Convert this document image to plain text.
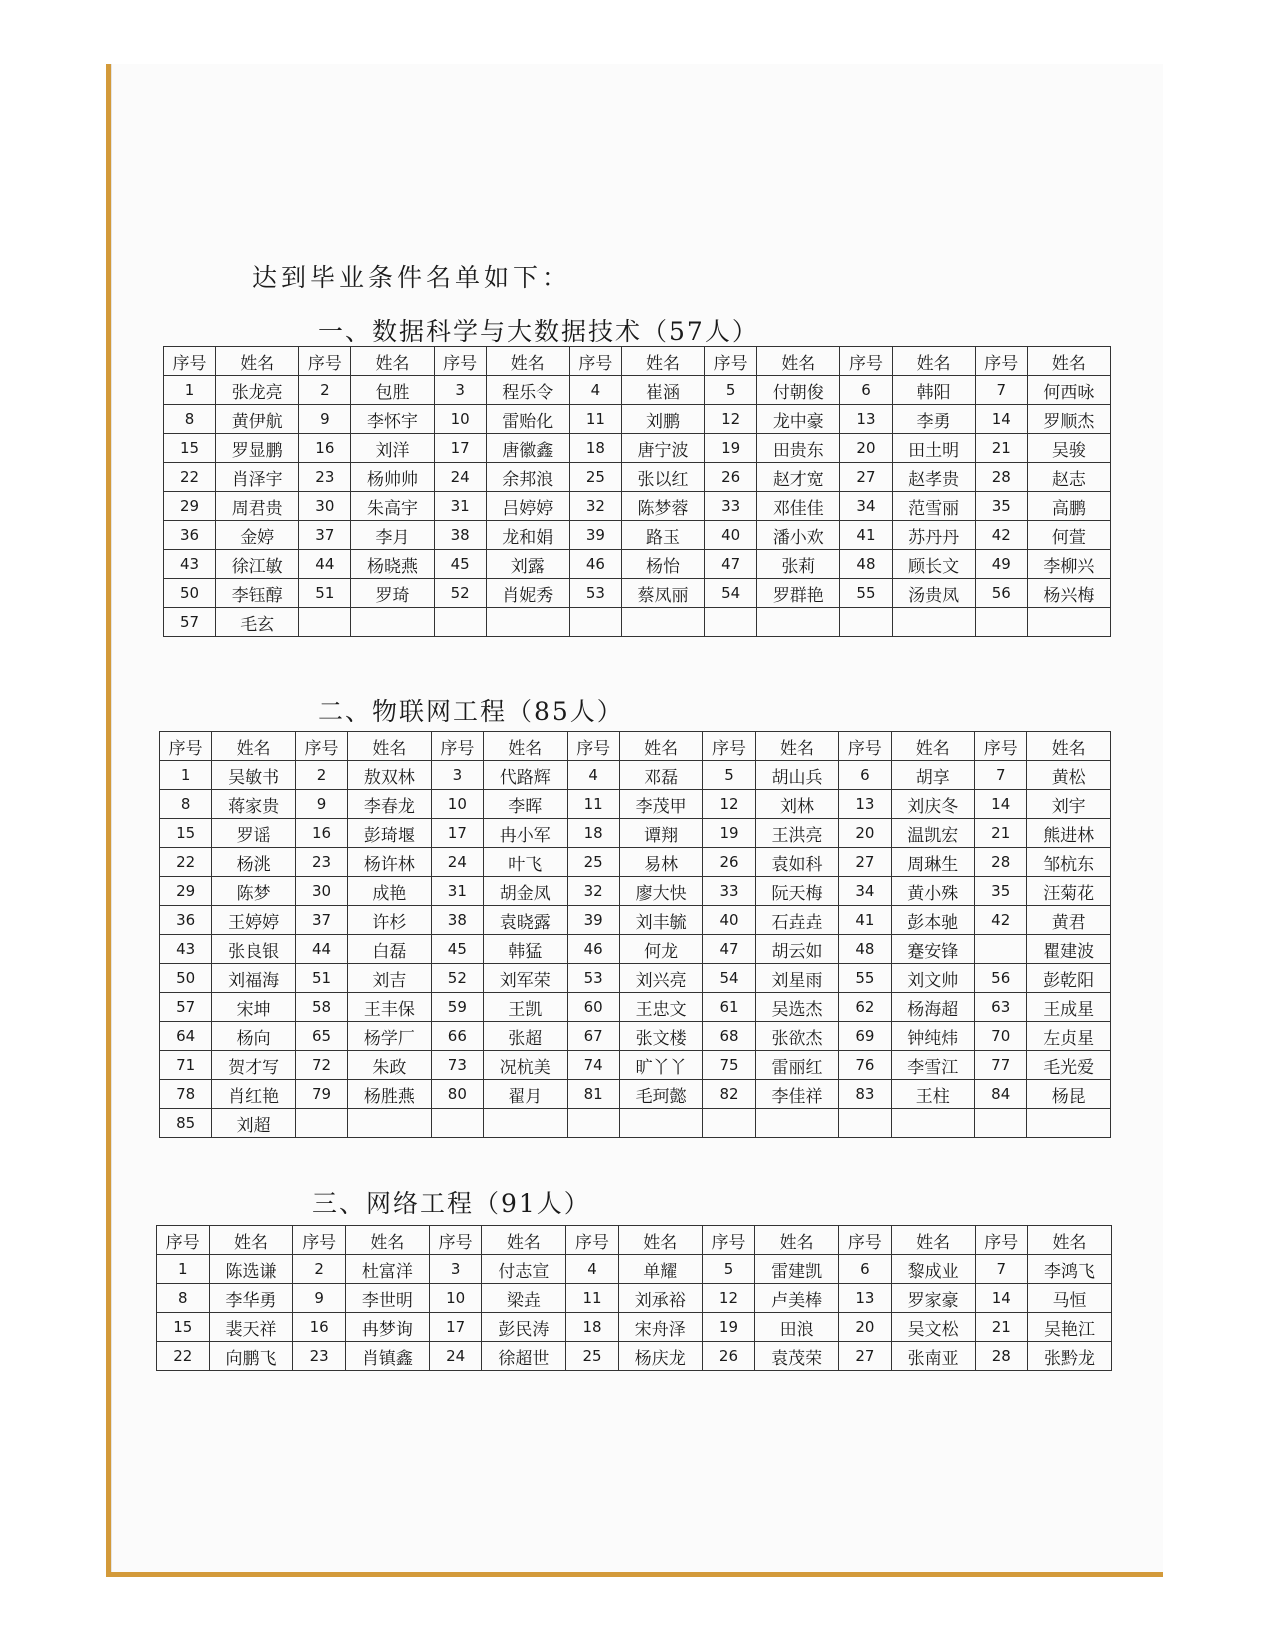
达到毕业条件名单如下：
一、数据科学与大数据技术（57人）
序号	姓名	序号	姓名	序号	姓名	序号	姓名	序号	姓名	序号	姓名	序号	姓名
1	张龙亮	2	包胜	3	程乐令	4	崔涵	5	付朝俊	6	韩阳	7	何西咏
8	黄伊航	9	李怀宇	10	雷贻化	11	刘鹏	12	龙中豪	13	李勇	14	罗顺杰
15	罗显鹏	16	刘洋	17	唐徽鑫	18	唐宁波	19	田贵东	20	田土明	21	吴骏
22	肖泽宇	23	杨帅帅	24	余邦浪	25	张以红	26	赵才宽	27	赵孝贵	28	赵志
29	周君贵	30	朱高宇	31	吕婷婷	32	陈梦蓉	33	邓佳佳	34	范雪丽	35	高鹏
36	金婷	37	李月	38	龙和娟	39	路玉	40	潘小欢	41	苏丹丹	42	何萱
43	徐江敏	44	杨晓燕	45	刘露	46	杨怡	47	张莉	48	顾长文	49	李柳兴
50	李钰醇	51	罗琦	52	肖妮秀	53	蔡凤丽	54	罗群艳	55	汤贵凤	56	杨兴梅
57	毛玄												
二、物联网工程（85人）
序号	姓名	序号	姓名	序号	姓名	序号	姓名	序号	姓名	序号	姓名	序号	姓名
1	吴敏书	2	敖双林	3	代路辉	4	邓磊	5	胡山兵	6	胡享	7	黄松
8	蒋家贵	9	李春龙	10	李晖	11	李茂甲	12	刘林	13	刘庆冬	14	刘宇
15	罗谣	16	彭琦堰	17	冉小军	18	谭翔	19	王洪亮	20	温凯宏	21	熊进林
22	杨洮	23	杨许林	24	叶飞	25	易林	26	袁如科	27	周琳生	28	邹杭东
29	陈梦	30	成艳	31	胡金凤	32	廖大快	33	阮天梅	34	黄小殊	35	汪菊花
36	王婷婷	37	许杉	38	袁晓露	39	刘丰毓	40	石垚垚	41	彭本驰	42	黄君
43	张良银	44	白磊	45	韩猛	46	何龙	47	胡云如	48	蹇安锋		瞿建波
50	刘福海	51	刘吉	52	刘军荣	53	刘兴亮	54	刘星雨	55	刘文帅	56	彭乾阳
57	宋坤	58	王丰保	59	王凯	60	王忠文	61	吴选杰	62	杨海超	63	王成星
64	杨向	65	杨学厂	66	张超	67	张文楼	68	张欲杰	69	钟纯炜	70	左贞星
71	贺才写	72	朱政	73	况杭美	74	旷丫丫	75	雷丽红	76	李雪江	77	毛光爱
78	肖红艳	79	杨胜燕	80	翟月	81	毛珂懿	82	李佳祥	83	王柱	84	杨昆
85	刘超												
三、网络工程（91人）
序号	姓名	序号	姓名	序号	姓名	序号	姓名	序号	姓名	序号	姓名	序号	姓名
1	陈选谦	2	杜富洋	3	付志宣	4	单耀	5	雷建凯	6	黎成业	7	李鸿飞
8	李华勇	9	李世明	10	梁垚	11	刘承裕	12	卢美棒	13	罗家豪	14	马恒
15	裴天祥	16	冉梦询	17	彭民涛	18	宋舟泽	19	田浪	20	吴文松	21	吴艳江
22	向鹏飞	23	肖镇鑫	24	徐超世	25	杨庆龙	26	袁茂荣	27	张南亚	28	张黔龙
